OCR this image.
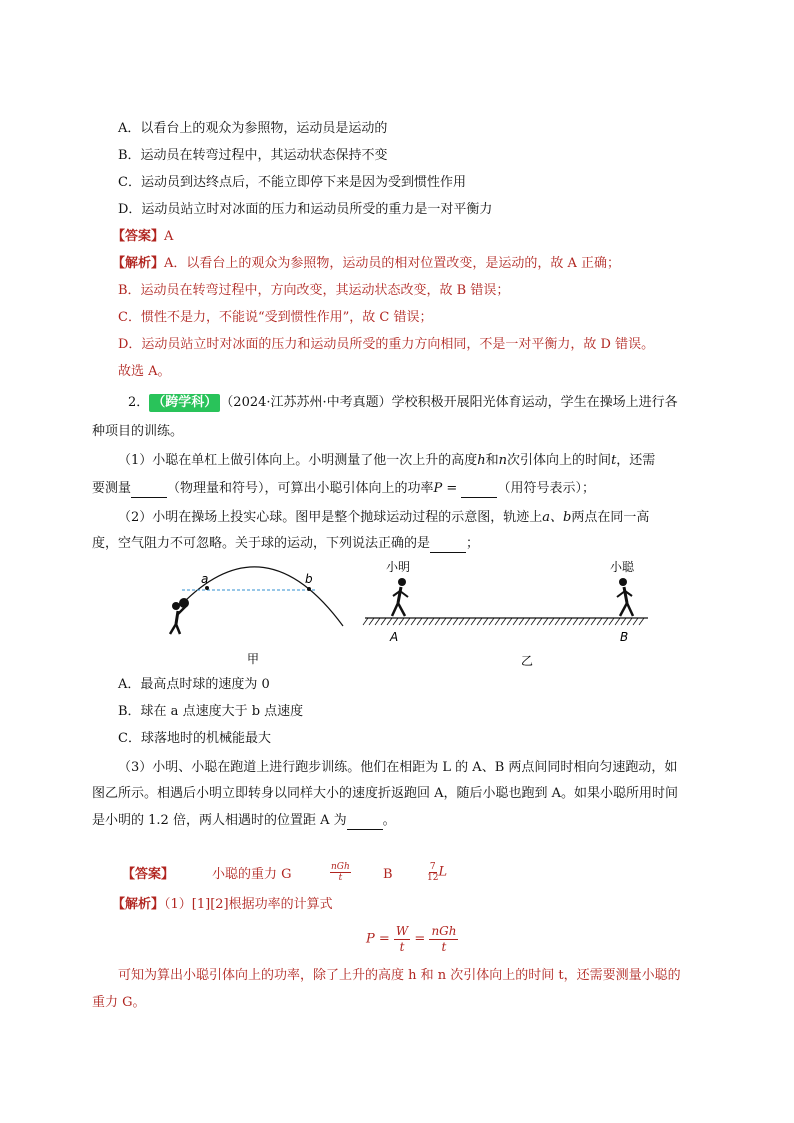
A．以看台上的观众为参照物，运动员是运动的
B．运动员在转弯过程中，其运动状态保持不变
C．运动员到达终点后，不能立即停下来是因为受到惯性作用
D．运动员站立时对冰面的压力和运动员所受的重力是一对平衡力
【答案】A
【解析】A．以看台上的观众为参照物，运动员的相对位置改变，是运动的，故 A 正确；
B．运动员在转弯过程中，方向改变，其运动状态改变，故 B 错误；
C．惯性不是力，不能说“受到惯性作用”，故 C 错误；
D．运动员站立时对冰面的压力和运动员所受的重力方向相同，不是一对平衡力，故 D 错误。
故选 A。
2． （跨学科） （2024·江苏苏州·中考真题）学校积极开展阳光体育运动，学生在操场上进行各
种项目的训练。
（1）小聪在单杠上做引体向上。小明测量了他一次上升的高度h和n次引体向上的时间t，还需
要测量	（物理量和符号），可算出小聪引体向上的功率P =	（用符号表示）；
（2）小明在操场上投实心球。图甲是整个抛球运动过程的示意图，轨迹上a、b两点在同一高
度，空气阻力不可忽略。关于球的运动，下列说法正确的是	；
a	b
甲
小明	小聪
A	B
乙
A．最高点时球的速度为 0
B．球在 a 点速度大于 b 点速度
C．球落地时的机械能最大
（3）小明、小聪在跑道上进行跑步训练。他们在相距为 L 的 A、B 两点间同时相向匀速跑动，如
图乙所示。相遇后小明立即转身以同样大小的速度折返跑回 A，随后小聪也跑到 A。如果小聪所用时间
是小明的 1.2 倍，两人相遇时的位置距 A 为	。
【答案】	小聪的重力 G	$\frac{\text{nGh}}{t}$ B	$\frac{7}{12}$ L
【解析】（1）[1][2]根据功率的计算式
$P = \frac{W}{t}$ =
nGh
t
可知为算出小聪引体向上的功率，除了上升的高度 h 和 n 次引体向上的时间 t，还需要测量小聪的
重力 G。
